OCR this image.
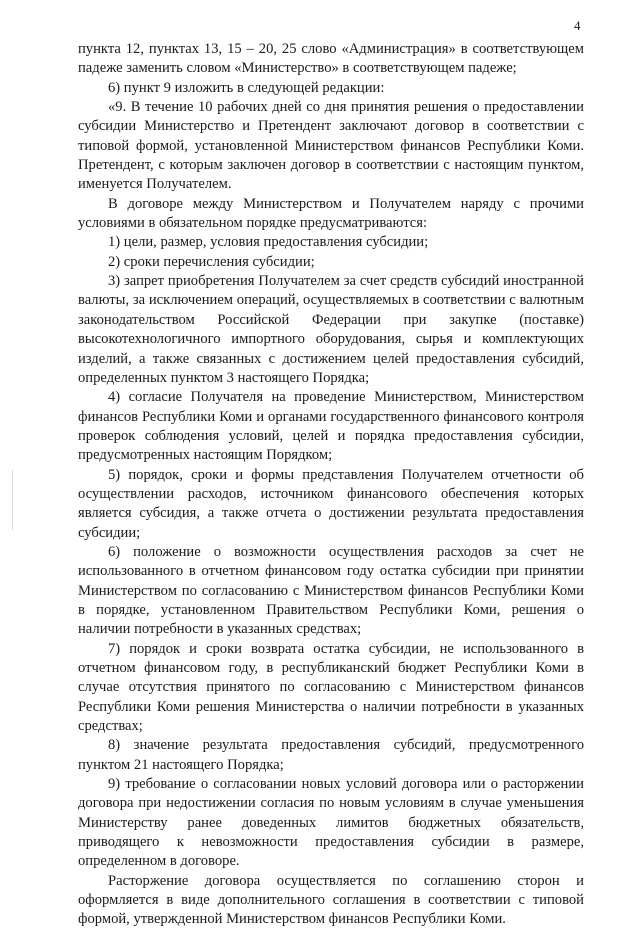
4

пункта 12, пунктах 13, 15 – 20, 25 слово «Администрация» в соответствующем падеже заменить словом «Министерство» в соответствующем падеже;

6) пункт 9 изложить в следующей редакции:

«9. В течение 10 рабочих дней со дня принятия решения о предоставлении субсидии Министерство и Претендент заключают договор в соответствии с типовой формой, установленной Министерством финансов Республики Коми. Претендент, с которым заключен договор в соответствии с настоящим пунктом, именуется Получателем.

В договоре между Министерством и Получателем наряду с прочими условиями в обязательном порядке предусматриваются:

1) цели, размер, условия предоставления субсидии;

2) сроки перечисления субсидии;

3) запрет приобретения Получателем за счет средств субсидий иностранной валюты, за исключением операций, осуществляемых в соответствии с валютным законодательством Российской Федерации при закупке (поставке) высокотехнологичного импортного оборудования, сырья и комплектующих изделий, а также связанных с достижением целей предоставления субсидий, определенных пунктом 3 настоящего Порядка;

4) согласие Получателя на проведение Министерством, Министерством финансов Республики Коми и органами государственного финансового контроля проверок соблюдения условий, целей и порядка предоставления субсидии, предусмотренных настоящим Порядком;

5) порядок, сроки и формы представления Получателем отчетности об осуществлении расходов, источником финансового обеспечения которых является субсидия, а также отчета о достижении результата предоставления субсидии;

6) положение о возможности осуществления расходов за счет не использованного в отчетном финансовом году остатка субсидии при принятии Министерством по согласованию с Министерством финансов Республики Коми в порядке, установленном Правительством Республики Коми, решения о наличии потребности в указанных средствах;

7) порядок и сроки возврата остатка субсидии, не использованного в отчетном финансовом году, в республиканский бюджет Республики Коми в случае отсутствия принятого по согласованию с Министерством финансов Республики Коми решения Министерства о наличии потребности в указанных средствах;

8) значение результата предоставления субсидий, предусмотренного пунктом 21 настоящего Порядка;

9) требование о согласовании новых условий договора или о расторжении договора при недостижении согласия по новым условиям в случае уменьшения Министерству ранее доведенных лимитов бюджетных обязательств, приводящего к невозможности предоставления субсидии в размере, определенном в договоре.

Расторжение договора осуществляется по соглашению сторон и оформляется в виде дополнительного соглашения в соответствии с типовой формой, утвержденной Министерством финансов Республики Коми.
